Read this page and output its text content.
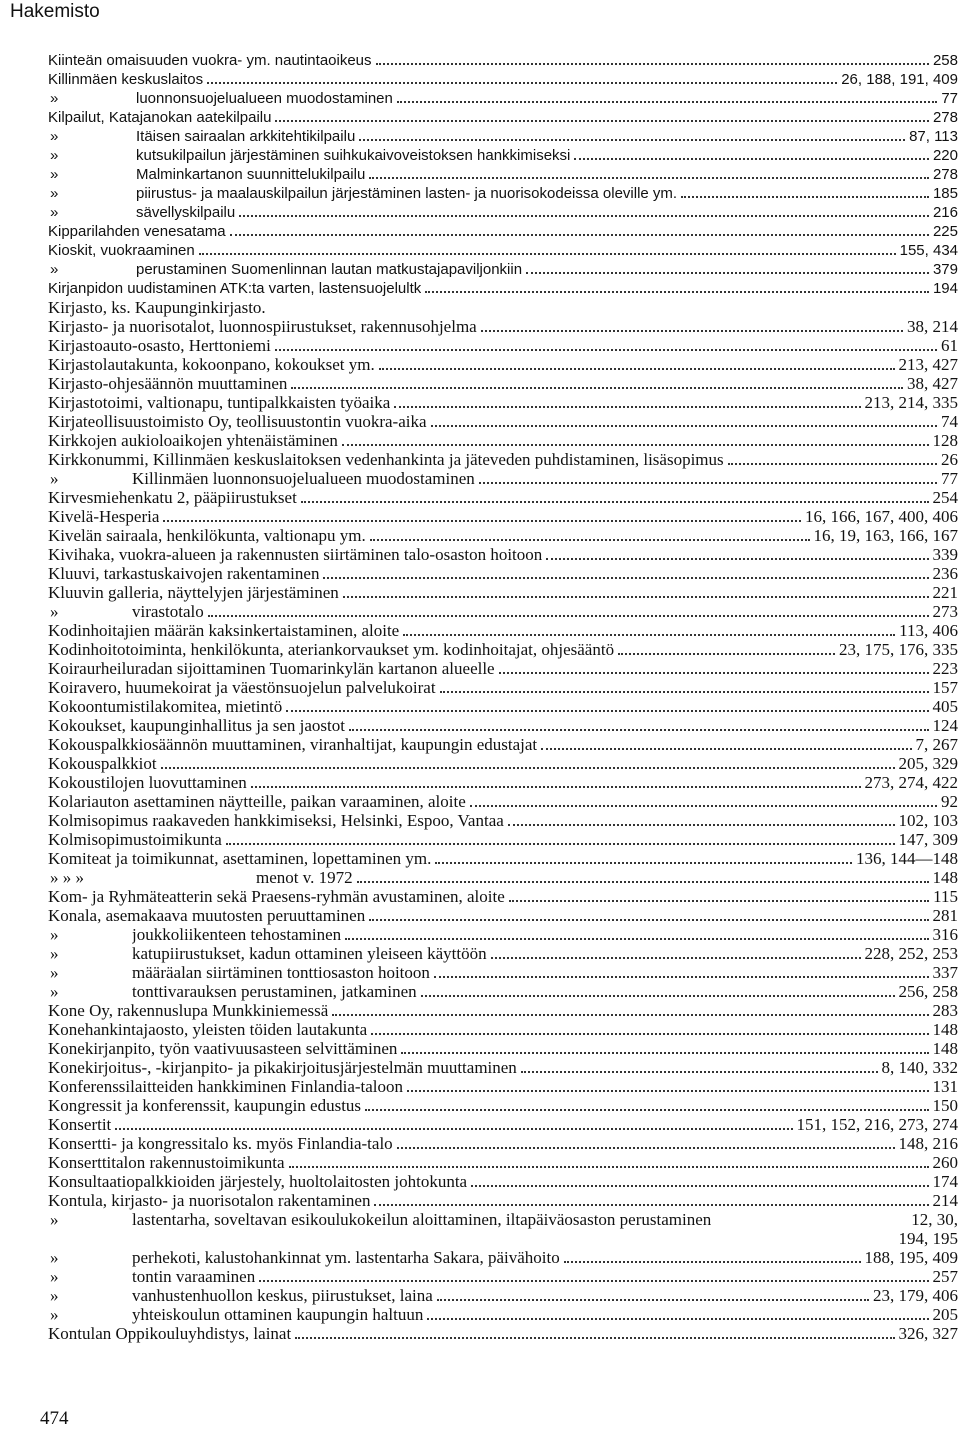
Hakemisto
Kiinteän omaisuuden vuokra- ym. nautintaoikeus	258
Killinmäen keskuslaitos	26, 188, 191, 409
»	luonnonsuojelualueen muodostaminen	77
Kilpailut, Katajanokan aatekilpailu	278
»	Itäisen sairaalan arkkitehtikilpailu	87, 113
»	kutsukilpailun järjestäminen suihkukaivoveistoksen hankkimiseksi	220
»	Malminkartanon suunnittelukilpailu	278
»	piirustus- ja maalauskilpailun järjestäminen lasten- ja nuorisokodeissa oleville ym.	185
»	sävellyskilpailu	216
Kipparilahden venesatama	225
Kioskit, vuokraaminen	155, 434
»	perustaminen Suomenlinnan lautan matkustajapaviljonkiin	379
Kirjanpidon uudistaminen ATK:ta varten, lastensuojelultk	194
Kirjasto, ks. Kaupunginkirjasto.
Kirjasto- ja nuorisotalot, luonnospiirustukset, rakennusohjelma	38, 214
Kirjastoauto-osasto, Herttoniemi	61
Kirjastolautakunta, kokoonpano, kokoukset ym.	213, 427
Kirjasto-ohjesäännön muuttaminen	38, 427
Kirjastotoimi, valtionapu, tuntipalkkaisten työaika	213, 214, 335
Kirjateollisuustoimisto Oy, teollisuustontin vuokra-aika	74
Kirkkojen aukioloaikojen yhtenäistäminen	128
Kirkkonummi, Killinmäen keskuslaitoksen vedenhankinta ja jäteveden puhdistaminen, lisäsopimus	26
»	Killinmäen luonnonsuojelualueen muodostaminen	77
Kirvesmiehenkatu 2, pääpiirustukset	254
Kivelä-Hesperia	16, 166, 167, 400, 406
Kivelän sairaala, henkilökunta, valtionapu ym.	16, 19, 163, 166, 167
Kivihaka, vuokra-alueen ja rakennusten siirtäminen talo-osaston hoitoon	339
Kluuvi, tarkastuskaivojen rakentaminen	236
Kluuvin galleria, näyttelyjen järjestäminen	221
»	virastotalo	273
Kodinhoitajien määrän kaksinkertaistaminen, aloite	113, 406
Kodinhoitotoiminta, henkilökunta, ateriankorvaukset ym. kodinhoitajat, ohjesääntö	23, 175, 176, 335
Koiraurheiluradan sijoittaminen Tuomarinkylän kartanon alueelle	223
Koiravero, huumekoirat ja väestönsuojelun palvelukoirat	157
Kokoontumistilakomitea, mietintö	405
Kokoukset, kaupunginhallitus ja sen jaostot	124
Kokouspalkkiosäännön muuttaminen, viranhaltijat, kaupungin edustajat	7, 267
Kokouspalkkiot	205, 329
Kokoustilojen luovuttaminen	273, 274, 422
Kolariauton asettaminen näytteille, paikan varaaminen, aloite	92
Kolmisopimus raakaveden hankkimiseksi, Helsinki, Espoo, Vantaa	102, 103
Kolmisopimustoimikunta	147, 309
Komiteat ja toimikunnat, asettaminen, lopettaminen ym.	136, 144—148
» » »	menot v. 1972	148
Kom- ja Ryhmäteatterin sekä Praesens-ryhmän avustaminen, aloite	115
Konala, asemakaava muutosten peruuttaminen	281
»	joukkoliikenteen tehostaminen	316
»	katupiirustukset, kadun ottaminen yleiseen käyttöön	228, 252, 253
»	määräalan siirtäminen tonttiosaston hoitoon	337
»	tonttivarauksen perustaminen, jatkaminen	256, 258
Kone Oy, rakennuslupa Munkkiniemessä	283
Konehankintajaosto, yleisten töiden lautakunta	148
Konekirjanpito, työn vaativuusasteen selvittäminen	148
Konekirjoitus-, -kirjanpito- ja pikakirjoitusjärjestelmän muuttaminen	8, 140, 332
Konferenssilaitteiden hankkiminen Finlandia-taloon	131
Kongressit ja konferenssit, kaupungin edustus	150
Konsertit	151, 152, 216, 273, 274
Konsertti- ja kongressitalo ks. myös Finlandia-talo	148, 216
Konserttitalon rakennustoimikunta	260
Konsultaatiopalkkioiden järjestely, huoltolaitosten johtokunta	174
Kontula, kirjasto- ja nuorisotalon rakentaminen	214
»	lastentarha, soveltavan esikoulukokeilun aloittaminen, iltapäiväosaston perustaminen	12, 30,
194, 195
»	perhekoti, kalustohankinnat ym. lastentarha Sakara, päivähoito	188, 195, 409
»	tontin varaaminen	257
»	vanhustenhuollon keskus, piirustukset, laina	23, 179, 406
»	yhteiskoulun ottaminen kaupungin haltuun	205
Kontulan Oppikouluyhdistys, lainat	326, 327
474
